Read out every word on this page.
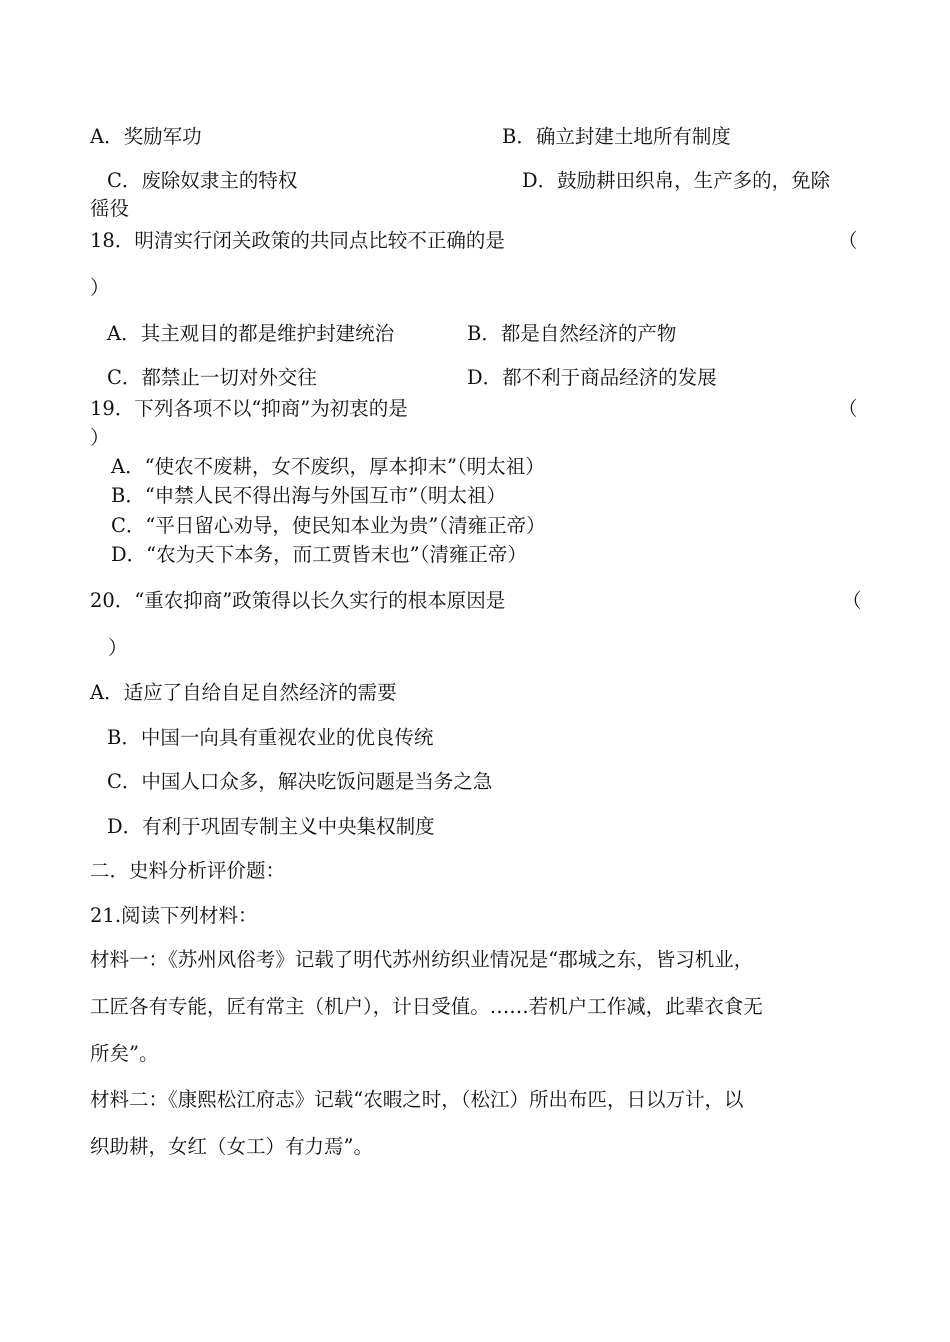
A．奖励军功	B．确立封建土地所有制度
C．废除奴隶主的特权	D．鼓励耕田织帛，生产多的，免除
徭役
18．明清实行闭关政策的共同点比较不正确的是	（
）
A．其主观目的都是维护封建统治	B．都是自然经济的产物
C．都禁止一切对外交往	D．都不利于商品经济的发展
19．下列各项不以“抑商”为初衷的是	（
）
A．“使农不废耕，女不废织，厚本抑末”（明太祖）
B．“申禁人民不得出海与外国互市”（明太祖）
C．“平日留心劝导，使民知本业为贵”（清雍正帝）
D．“农为天下本务，而工贾皆末也”（清雍正帝）
20．“重农抑商”政策得以长久实行的根本原因是	（
）
A．适应了自给自足自然经济的需要
B．中国一向具有重视农业的优良传统
C．中国人口众多，解决吃饭问题是当务之急
D．有利于巩固专制主义中央集权制度
二．史料分析评价题：
21.阅读下列材料：
材料一：《苏州风俗考》记载了明代苏州纺织业情况是“郡城之东，皆习机业，
工匠各有专能，匠有常主（机户），计日受值。……若机户工作减，此辈衣食无
所矣”。
材料二：《康熙松江府志》记载“农暇之时，（松江）所出布匹，日以万计，以
织助耕，女红（女工）有力焉”。
